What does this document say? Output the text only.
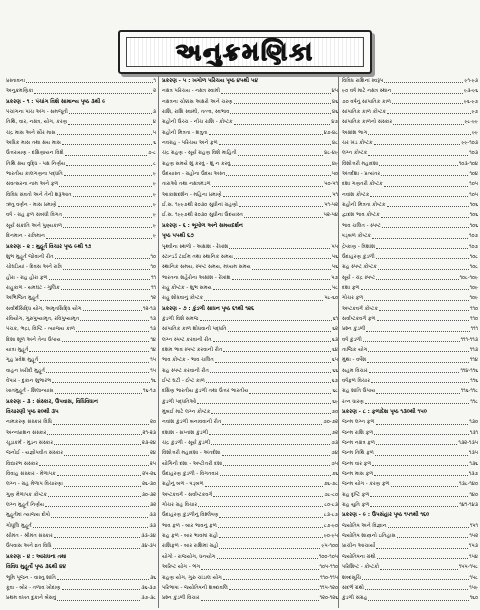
અનુક્રમણિકા
પ્રસ્તાવના	૧
અનુક્રમણિકા	૨
પ્રકરણ - ૧ : પંચાંગ વિશે સામાન્ય પૃષ્ઠ ૩થી ૯
પંચાંગના પાંચ અંગ - સમજૂતી	૩
તિથિ, વાર, નક્ષત્ર, યોગ, કરણ	૪
ચંદ્ર માસ અને સૌર માસ	૫
અધિક માસ તથા ક્ષય માસ	૬
ઉત્તરાયણ - દક્ષિણાયન વિશે	૭-૮
તિથિ ક્ષય વૃદ્ધિ - પક્ષ નિર્ણય	૮
ભારતીય કાલગણના પદ્ધતિ	૯
સંવત્સરના નામ અને ફળ	૯
વિવિધ સંવતો અને તેની શરૂઆત	૯
ઋતુ વર્ણન - માસ પ્રમાણે	૯
વર્ષ - ગ્રહ ફળ સંબંધી વિગત	૯
સૂર્ય સંક્રાંતિ અને પુણ્યકાળ	૯
દિનમાન - રાત્રિમાન	૯
પ્રકરણ - ૨ : મુહૂર્ત વિચાર પૃષ્ઠ ૯થી ૧૭
શુભ મુહૂર્ત જોવાની રીત	૧૦
ચોઘડિયાં - દિવસ અને રાત્રિ	૧૦
હોરા - ગ્રહ હોરા ફળ	૧૧
રાહુકાળ - યમઘંટ - ગુલિક	૧૧
અભિજિત મુહૂર્ત	૧૨
સર્વાર્થસિદ્ધિ યોગ, અમૃતસિદ્ધિ યોગ	૧૨-૧૩
રવિયોગ, ગુરુપુષ્યામૃત, રવિપુષ્યામૃત	૧૩
પંચક, ભદ્રા, વિષ્ટિ - ત્યાજ્ય કાળ	૧૩
દિશા શૂળ અને તેના ઉપાય	૧૪
યાત્રા મુહૂર્ત	૧૪
ગૃહ પ્રવેશ મુહૂર્ત	૧૫
વાહન ખરીદી મુહૂર્ત	૧૫
વેપાર - દુકાન શુભારંભ	૧૬
ખાતમુહૂર્ત - શિલાન્યાસ	૧૬-૧૭
પ્રકરણ - ૩ : સંસ્કાર, ઉપવાસ, વિધિવિધાન
વિચારણી પૃષ્ઠ ૨૦થી ૩૫
નામકરણ સંસ્કાર વિધિ	૨૦
અન્નપ્રાશન સંસ્કાર	૨૧-૨૩
ચૂડાકર્મ - મુંડન સંસ્કાર	૨૩-૨૪
જનોઈ - યજ્ઞોપવીત સંસ્કાર	૨૪
વિદ્યારંભ સંસ્કાર	૨૫
વિવાહ સંસ્કાર - મેળાપક	૨૫-૨૬
લગ્ન - ગ્રહ મેળાપ વિચારણા	૨૬-૩૦
ગુણ મેળાપક કોષ્ટક	૩૦-૩૨
લગ્ન મુહૂર્ત નિર્ણય	૩૨
મુહૂર્તમાં ત્યાજ્ય દોષો	૩૩
ગોધૂલિ મુહૂર્ત	૩૩
સીમંત - શ્રીમંત સંસ્કાર	૩૩-૩૪
ઉપવાસ અને વ્રત વિધિ	૩૪-૩૫
પ્રકરણ - ૪ : આરાધના તથા
વિવિધ મુહૂર્તો પૃષ્ઠ ૩૬થી ૪૪
ભૂમિ પૂજન - વાસ્તુ શાંતિ	૩૬
કૂવા - બોર - તળાવ ખોદાણ	૩૬-૩૭
પ્રથમ વખત દુકાને બેસવું	૩૭-૩૮
પ્રકરણ - ૫ : ખગોળ પરિચય પૃષ્ઠ ૪૫થી ૫૪
નક્ષત્ર પરિચય - નક્ષત્ર સ્વામી	૪૫
નક્ષત્રના ચોક્કસ અક્ષરો અને ચરણ	૪૬
રાશિ, રાશિ સ્વામી, તત્ત્વ, સ્વભાવ	૪૬
ગ્રહોની ઉચ્ચ - નીચ રાશિ - કોષ્ટક	૪૭
ગ્રહોની મિત્રતા - શત્રુતા	૪૭-૪૮
નવગ્રહ - પરિચય અને ફળ	૪૮
ચંદ્ર ગ્રહણ - સૂર્ય ગ્રહણ વિશે માહિતી	૪૮-૪૯
ગ્રહણ સમયે શું કરવું - શું ન કરવું	૪૯
ઉદયાસ્ત - ગ્રહોના ઉદય અસ્ત	૫૦
તારાઓ તથા નક્ષત્રમંડળ	૫૦-૫૧
આકાશદર્શન - મહિના પ્રમાણે	૫૧
ઈ.સ. ૧૯૯૭થી ૨૦૩૦ સુધીનાં ગ્રહણો	૫૧-૫૨
ઈ.સ. ૧૯૯૭થી ૨૦૩૦ સુધીના ઉદયાસ્ત	૫૨-૫૪
પ્રકરણ - ૬ : ભૂગોળ અને સમયદર્શન
પૃષ્ઠ ૫૫થી ૬૭
પૃથ્વીના સ્થળો - અક્ષાંશ - રેખાંશ	૫૫
સ્ટાન્ડર્ડ ટાઈમ તથા સ્થાનિક સમય	૫૬
સ્થાનિક સમય, સ્પષ્ટ સમય, મધ્યમ સમય	૫૬
ભારતના શહેરોના અક્ષાંશ - રેખાંશ	૫૭
રાહુ કોષ્ટક - શુભ સમય	૫૮
રાહુ શોધવાનું કોષ્ટક	૫૮-૬૦
પ્રકરણ - ૭ : કુંડળી સાધન પૃષ્ઠ ૬૧થી ૧૨૬
કુંડળી વિશે સમજ	૬૧
સાંપાતિક કાળ શોધવાની પદ્ધતિ	૬૨
લગ્ન સ્પષ્ટ કરવાની રીત	૬૩
દશમ ભાવ સ્પષ્ટ કરવાની રીત	૬૪
ભાવ કોષ્ટક - ભાવ ચલિત	૬૫
ગ્રહ સ્પષ્ટ કરવાની રીત	૬૬
ઈષ્ટ ઘટી - ઈષ્ટ કાળ	૬૭
દક્ષિણ ભારતીય કુંડળી તથા ઉત્તર ભારતીય	૬૮
કુંડળી પદ્ધતિઓ	૬૯
મુંબઈ માટે લગ્ન કોષ્ટક	૭૦
નવાંશ કુંડળી બનાવવાની રીત	૭૦-૭૨
દશાંશ - સપ્તાંશ કુંડળી	૭૨
ચંદ્ર કુંડળી - સૂર્ય કુંડળી	૭૩
વિંશોત્તરી મહાદશા - અંતર્દશા	૭૪
યોગિની દશા - અષ્ટોત્તરી દશા	૭૫
ઉદાહરણ કુંડળી - વિગતવાર	૭૬
ગ્રહોનું બળ - ષડ્બળ	૭૬-૭૮
અષ્ટકવર્ગ - સર્વાષ્ટકવર્ગ	૭૮-૮૦
ગોચર ગ્રહ વિચાર	૮૦-૮૩
ઉદાહરણ કુંડળીનું વિશ્લેષણ	૮૩-૮૭
ભાવ ફળ - બાર ભાવનું ફળ	૮૭-૯૦
ગ્રહ ફળ - બાર ભાવમાં ગ્રહો	૯૦-૯૫
રાશિફળ - બાર રાશિમાં ગ્રહો	૯૫-૧૦૦
યોગો - રાજયોગ, ધનયોગ	૧૦૦-૧૦૫
અરિષ્ટ યોગ - ભંગ	૧૦૫-૧૧૦
ગ્રહણ યોગ, ગુરુ ચાંડાલ યોગ	૧૧૦-૧૧૫
પરિભાષા - જ્યોતિષની શબ્દાવલિ	૧૧૫-૧૨૦
પ્રશ્ન કુંડળી વિચાર	૧૨૦-૧૨૬
વિવિધ રાશિનાં સ્વરૂપ	૯૧-૯૩
૯૦ વર્ષ માટે નક્ષત્ર સ્થાન	૯૩-૯૬
૭૦ વર્ષનું સાંપાતિક કાળ	૯૬-૯૭
સાંપાતિક કાળ કોષ્ટક	૯૭
સાંપાતિક કાળનો સંસ્કાર	૯૮-૯૯
અક્ષાંશ ભાગ	૯૯
ચર ખંડ કોષ્ટક	૯૯-૧૦૩
લગ્ન કોષ્ટક	૧૦૩
વિંશોત્તરી મહાદશા	૧૦૩-૧૦૪
અંતર્દશા - પ્રત્યંતર	૧૦૪
દશા ગણતરી કોષ્ટક	૧૦૫
નવાંશ કોષ્ટક	૧૦૫
ગ્રહોની મિત્રતા કોષ્ટક	૧૦૬
દ્વાદશ ભાવ કોષ્ટક	૧૦૬
ભાવ ચલિત - સ્પષ્ટ	૧૦૬
ષડ્બળ કોષ્ટક	૧૦૭
દ્રેષ્કાણ - ત્રિંશાંશ	૧૦૭
ઉદાહરણ કુંડળી	૧૦૮
ગ્રહ સ્પષ્ટ કોષ્ટક	૧૦૮
સૂર્ય - ચંદ્ર સ્પષ્ટ	૧૦૮-૧૦૯
દશા ફળ	૧૦૯
ગોચર ફળ	૧૦૯
અષ્ટકવર્ગ કોષ્ટક	૧૧૦
સર્વાષ્ટકવર્ગ ફળ	૧૧૦
પ્રશ્ન કુંડળી	૧૧૧
વર્ષ કુંડળી	૧૧૧-૧૧૩
તાજિક યોગ	૧૧૩
મુંથા - વર્ષેશ	૧૧૪
સહમ વિચાર	૧૧૪-૧૧૬
વર્ષફળ વિચાર	૧૧૬
ગ્રહ શાંતિ ઉપાય	૧૧૬-૧૧૮
રત્ન ધારણ	૧૧૮
પ્રકરણ - ૮ : ફળાદેશ પૃષ્ઠ ૧૩૦થી ૧૫૦
જન્મ લગ્ન ફળ	૧૩૦
જન્મ રાશિ ફળ	૧૩૧
જન્મ નક્ષત્ર ફળ	૧૩૨-૧૩૫
જન્મ તિથિ ફળ	૧૩૫
જન્મ વાર ફળ	૧૩૬
જન્મ માસ ફળ	૧૩૭
જન્મ યોગ - કરણ ફળ	૧૩૮-૧૪૦
ગ્રહ દૃષ્ટિ ફળ	૧૪૦
ગ્રહ યુતિ ફળ	૧૪૧-૧૪૩
પ્રકરણ - ૯ : ઉપસંહાર પૃષ્ઠ ૧૫૧થી ૧૬૦
જ્યોતિષ અને વિજ્ઞાન	૧૫૧
જ્યોતિષ શાસ્ત્રનો ઇતિહાસ	૧૫૨
પ્રાચીન આચાર્યો	૧૫૩
જ્યોતિષના ગ્રંથો	૧૫૪
પરિશિષ્ટ - કોષ્ટકો	૧૫૫-૧૫૮
શબ્દસૂચિ	૧૫૮
સંદર્ભ ગ્રંથો	૧૫૯
કુંડળી સંગ્રહ	૧૬૦
